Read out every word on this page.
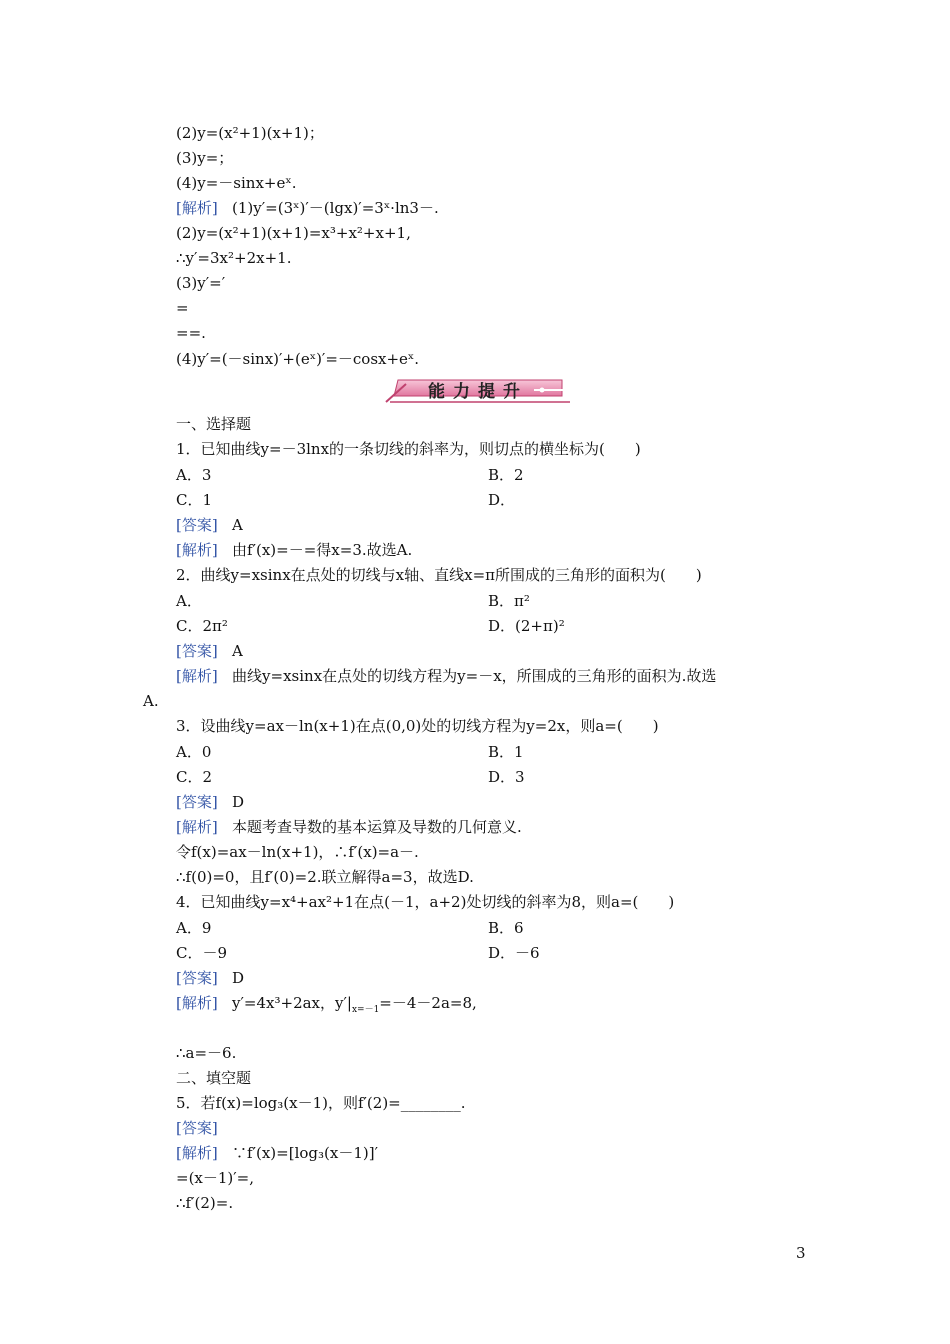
(2)y=(x²+1)(x+1)；
(3)y=；
(4)y=－sinx+eˣ.
[解析] (1)y′=(3ˣ)′－(lgx)′=3ˣ·ln3－.
(2)y=(x²+1)(x+1)=x³+x²+x+1,
∴y′=3x²+2x+1.
(3)y′=′
=
==.
(4)y′=(－sinx)′+(eˣ)′=－cosx+eˣ.
能力提升
一、选择题
1．已知曲线y=－3lnx的一条切线的斜率为，则切点的横坐标为(　　)
A．3	B．2
C．1	D．
[答案] A
[解析] 由f′(x)=－=得x=3.故选A.
2．曲线y=xsinx在点处的切线与x轴、直线x=π所围成的三角形的面积为(　　)
A．	B．π²
C．2π²	D．(2+π)²
[答案] A
[解析] 曲线y=xsinx在点处的切线方程为y=－x，所围成的三角形的面积为.故选
A.
3．设曲线y=ax－ln(x+1)在点(0,0)处的切线方程为y=2x，则a=(　　)
A．0	B．1
C．2	D．3
[答案] D
[解析] 本题考查导数的基本运算及导数的几何意义.
令f(x)=ax－ln(x+1)，∴f′(x)=a－.
∴f(0)=0，且f′(0)=2.联立解得a=3，故选D.
4．已知曲线y=x⁴+ax²+1在点(－1，a+2)处切线的斜率为8，则a=(　　)
A．9	B．6
C．－9	D．－6
[答案] D
[解析] y′=4x³+2ax，$y'|_{x=-1}=-4-2a=8$,
∴a=－6.
二、填空题
5．若f(x)=log₃(x－1)，则f′(2)=________.
[答案]
[解析] ∵f′(x)=[log₃(x－1)]′
=(x－1)′=,
∴f′(2)=.
3
